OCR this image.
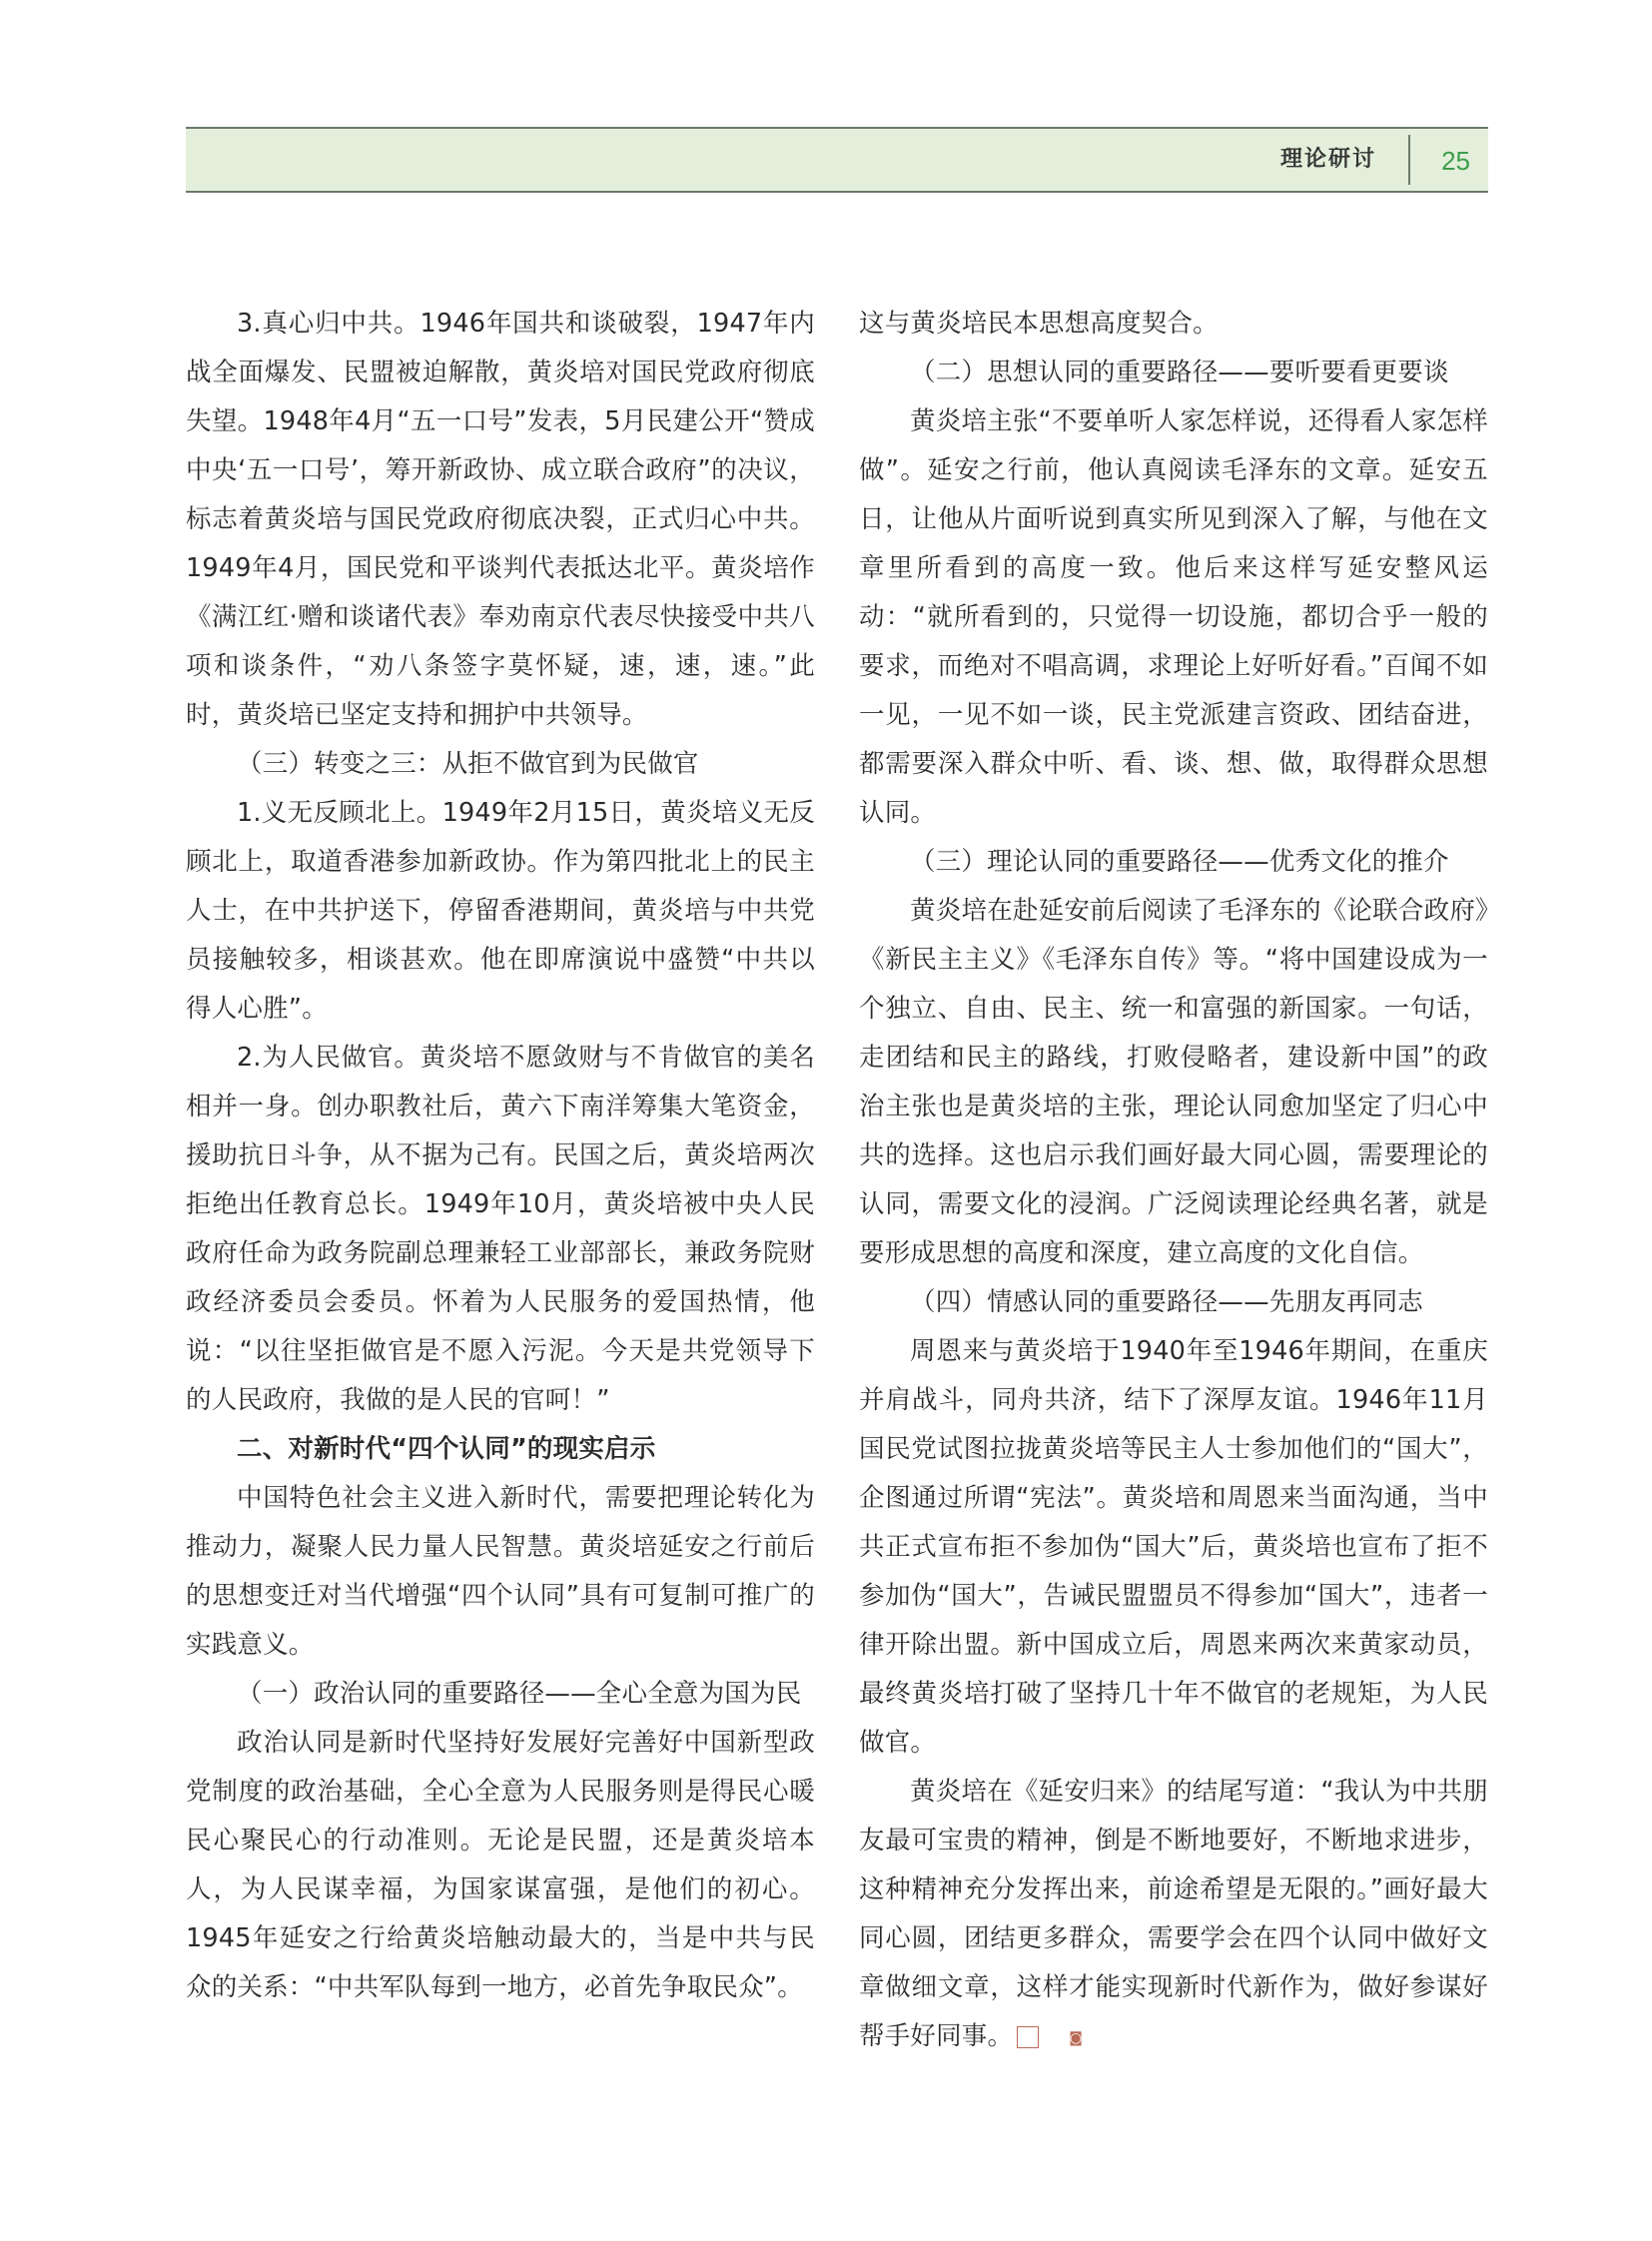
理论研讨	25

3.真心归中共。1946年国共和谈破裂，1947年内战全面爆发、民盟被迫解散，黄炎培对国民党政府彻底失望。1948年4月“五一口号”发表，5月民建公开“赞成中央‘五一口号’，筹开新政协、成立联合政府”的决议，标志着黄炎培与国民党政府彻底决裂，正式归心中共。1949年4月，国民党和平谈判代表抵达北平。黄炎培作《满江红·赠和谈诸代表》奉劝南京代表尽快接受中共八项和谈条件，“劝八条签字莫怀疑，速，速，速。”此时，黄炎培已坚定支持和拥护中共领导。

（三）转变之三：从拒不做官到为民做官

1.义无反顾北上。1949年2月15日，黄炎培义无反顾北上，取道香港参加新政协。作为第四批北上的民主人士，在中共护送下，停留香港期间，黄炎培与中共党员接触较多，相谈甚欢。他在即席演说中盛赞“中共以得人心胜”。

2.为人民做官。黄炎培不愿敛财与不肯做官的美名相并一身。创办职教社后，黄六下南洋筹集大笔资金，援助抗日斗争，从不据为己有。民国之后，黄炎培两次拒绝出任教育总长。1949年10月，黄炎培被中央人民政府任命为政务院副总理兼轻工业部部长，兼政务院财政经济委员会委员。怀着为人民服务的爱国热情，他说：“以往坚拒做官是不愿入污泥。今天是共党领导下的人民政府，我做的是人民的官呵！”

二、对新时代“四个认同”的现实启示

中国特色社会主义进入新时代，需要把理论转化为推动力，凝聚人民力量人民智慧。黄炎培延安之行前后的思想变迁对当代增强“四个认同”具有可复制可推广的实践意义。

（一）政治认同的重要路径——全心全意为国为民

政治认同是新时代坚持好发展好完善好中国新型政党制度的政治基础，全心全意为人民服务则是得民心暖民心聚民心的行动准则。无论是民盟，还是黄炎培本人，为人民谋幸福，为国家谋富强，是他们的初心。1945年延安之行给黄炎培触动最大的，当是中共与民众的关系：“中共军队每到一地方，必首先争取民众”。

这与黄炎培民本思想高度契合。

（二）思想认同的重要路径——要听要看更要谈

黄炎培主张“不要单听人家怎样说，还得看人家怎样做”。延安之行前，他认真阅读毛泽东的文章。延安五日，让他从片面听说到真实所见到深入了解，与他在文章里所看到的高度一致。他后来这样写延安整风运动：“就所看到的，只觉得一切设施，都切合乎一般的要求，而绝对不唱高调，求理论上好听好看。”百闻不如一见，一见不如一谈，民主党派建言资政、团结奋进，都需要深入群众中听、看、谈、想、做，取得群众思想认同。

（三）理论认同的重要路径——优秀文化的推介

黄炎培在赴延安前后阅读了毛泽东的《论联合政府》《新民主主义》《毛泽东自传》等。“将中国建设成为一个独立、自由、民主、统一和富强的新国家。一句话，走团结和民主的路线，打败侵略者，建设新中国”的政治主张也是黄炎培的主张，理论认同愈加坚定了归心中共的选择。这也启示我们画好最大同心圆，需要理论的认同，需要文化的浸润。广泛阅读理论经典名著，就是要形成思想的高度和深度，建立高度的文化自信。

（四）情感认同的重要路径——先朋友再同志

周恩来与黄炎培于1940年至1946年期间，在重庆并肩战斗，同舟共济，结下了深厚友谊。1946年11月国民党试图拉拢黄炎培等民主人士参加他们的“国大”，企图通过所谓“宪法”。黄炎培和周恩来当面沟通，当中共正式宣布拒不参加伪“国大”后，黄炎培也宣布了拒不参加伪“国大”，告诫民盟盟员不得参加“国大”，违者一律开除出盟。新中国成立后，周恩来两次来黄家动员，最终黄炎培打破了坚持几十年不做官的老规矩，为人民做官。

黄炎培在《延安归来》的结尾写道：“我认为中共朋友最可宝贵的精神，倒是不断地要好，不断地求进步，这种精神充分发挥出来，前途希望是无限的。”画好最大同心圆，团结更多群众，需要学会在四个认同中做好文章做细文章，这样才能实现新时代新作为，做好参谋好帮手好同事。	◙
